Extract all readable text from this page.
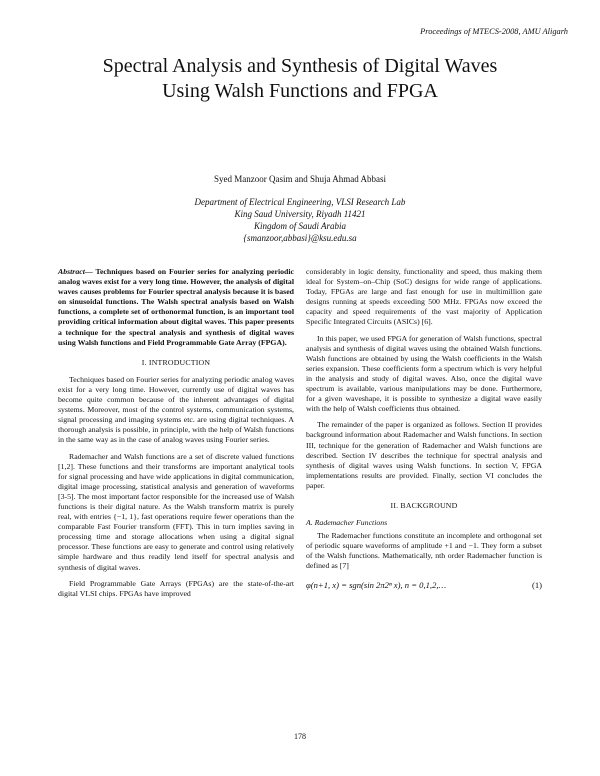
Proceedings of MTECS-2008, AMU Aligarh
Spectral Analysis and Synthesis of Digital Waves
Using Walsh Functions and FPGA
Syed Manzoor Qasim and Shuja Ahmad Abbasi
Department of Electrical Engineering, VLSI Research Lab
King Saud University, Riyadh 11421
Kingdom of Saudi Arabia
{smanzoor,abbasi}@ksu.edu.sa

Abstract— Techniques based on Fourier series for analyzing periodic analog waves exist for a very long time. However, the analysis of digital waves causes problems for Fourier spectral analysis because it is based on sinusoidal functions. The Walsh spectral analysis based on Walsh functions, a complete set of orthonormal function, is an important tool providing critical information about digital waves. This paper presents a technique for the spectral analysis and synthesis of digital waves using Walsh functions and Field Programmable Gate Array (FPGA).

I. INTRODUCTION

Techniques based on Fourier series for analyzing periodic analog waves exist for a very long time. However, currently use of digital waves has become quite common because of the inherent advantages of digital systems. Moreover, most of the control systems, communication systems, signal processing and imaging systems etc. are using digital techniques. A thorough analysis is possible, in principle, with the help of Walsh functions in the same way as in the case of analog waves using Fourier series.

Rademacher and Walsh functions are a set of discrete valued functions [1,2]. These functions and their transforms are important analytical tools for signal processing and have wide applications in digital communication, digital image processing, statistical analysis and generation of waveforms [3-5]. The most important factor responsible for the increased use of Walsh functions is their digital nature. As the Walsh transform matrix is purely real, with entries {−1, 1}, fast operations require fewer operations than the comparable Fast Fourier transform (FFT). This in turn implies saving in processing time and storage allocations when using a digital signal processor. These functions are easy to generate and control using relatively simple hardware and thus readily lend itself for spectral analysis and synthesis of digital waves.

Field Programmable Gate Arrays (FPGAs) are the state-of-the-art digital VLSI chips. FPGAs have improved

considerably in logic density, functionality and speed, thus making them ideal for System–on–Chip (SoC) designs for wide range of applications. Today, FPGAs are large and fast enough for use in multimillion gate designs running at speeds exceeding 500 MHz. FPGAs now exceed the capacity and speed requirements of the vast majority of Application Specific Integrated Circuits (ASICs) [6].

In this paper, we used FPGA for generation of Walsh functions, spectral analysis and synthesis of digital waves using the obtained Walsh functions. Walsh functions are obtained by using the Walsh coefficients in the Walsh series expansion. These coefficients form a spectrum which is very helpful in the analysis and study of digital waves. Also, once the digital wave spectrum is available, various manipulations may be done. Furthermore, for a given waveshape, it is possible to synthesize a digital wave easily with the help of Walsh coefficients thus obtained.

The remainder of the paper is organized as follows. Section II provides background information about Rademacher and Walsh functions. In section III, technique for the generation of Rademacher and Walsh functions are described. Section IV describes the technique for spectral analysis and synthesis of digital waves using Walsh functions. In section V, FPGA implementations results are provided. Finally, section VI concludes the paper.

II. BACKGROUND
A. Rademacher Functions

The Rademacher functions constitute an incomplete and orthogonal set of periodic square waveforms of amplitude +1 and −1. They form a subset of the Walsh functions. Mathematically, nth order Rademacher function is defined as [7]

φ(n+1, x) = sgn(sin 2π2ⁿ x), n = 0,1,2,…	(1)
178
